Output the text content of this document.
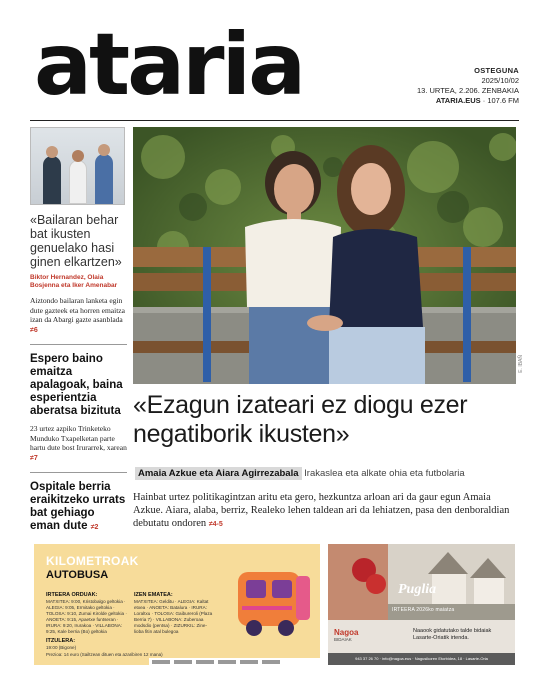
ataria	OSTEGUNA
2025/10/02
13. URTEA, 2.206. ZENBAKIA
ATARIA.EUS · 107.6 FM
«Bailaran behar bat ikusten genuelako hasi ginen elkartzen»
Biktor Hernandez, Olaia Bosjenna eta Iker Amenabar
Aiztondo bailaran lanketa egin dute gazteek eta horren emaitza izan da Abargi gazte asanbladа ≠6
Espero baino emaitza apalagoak, baina esperientzia aberatsa bizituta
23 urtez azpiko Trinketeko Munduko Txapelketan parte hartu dute bost Irurarrek, xarean ≠7
Ospitale berria eraikitzeko urrats bat gehiago eman dute ≠2
E. IBAÑ
«Ezagun izateari ez diogu ezer negatiborik ikusten»
Amaia Azkue eta Aiara Agirrezabala Irakaslea eta alkate ohia eta futbolaria
Hainbat urtez politikagintzan aritu eta gero, hezkuntza arloan ari da gaur egun Amaia Azkue. Aiara, alaba, berriz, Realeko lehen taldean ari da lehiatzen, pasa den denboraldian debutatu ondoren ≠4-5
KILOMETROAK
AUTOBUSA
IRTEERA ORDUAK:
MATXITEA: 9:00, Kristobalgo geltokia · ALEGIA: 9:05, Ermitako geltokia · TOLOSA: 9:10, Zumai Kirolde geltokia · ANOETA: 9:15, Apaetxe funtseran · IRURA: 9:20, Irurakoa · VILLABONA: 9:25, Kale berria (Bo) geltokia
ITZULERA:
19:00 (Bigone)
IZEN EMATEA:
MATXITEA: Gelditu · ALEGIA: Kaltat etxea · ANOETA: Batalura · IRURA: Loraltxu · TOLOSA: Gaibureroli (Plaza Berria 7) · VILLABONA: Zuberoaa modsdio (pentsa) · ZIZURKIL: Zine-lioba fitin atal bulegoa
Prezioa: 14 euro (Sailtzean dituen eta azaribiren 12 mana)
Puglia
IRTEERA 2026ko maiatza
Nagoa
BIDAIAK
Naaook gidatutako talde bidaiak Lasarte-Oriatik irtenda.
943 37 26 70 · info@nagoa.eus · Nagusikoren Etorbidea, 18 · Lasarte-Oria
